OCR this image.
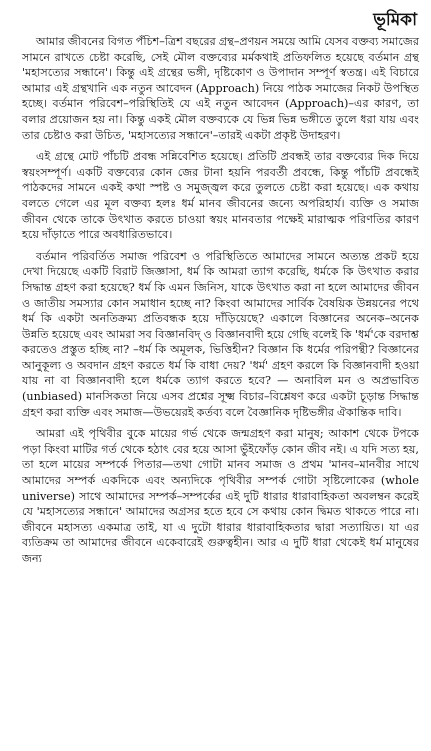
ভূমিকা

আমার জীবনের বিগত পঁচিশ–ত্রিশ বছরের গ্রন্থ–প্রণয়ন সময়ে আমি যেসব বক্তব্য সমাজের সামনে রাখতে চেষ্টা করেছি, সেই মৌল বক্তব্যের মর্মকথাই প্রতিফলিত হয়েছে বর্তমান গ্রন্থ 'মহাসত্যের সন্ধানে'। কিন্তু এই গ্রন্থের ভঙ্গী, দৃষ্টিকোণ ও উপাদান সম্পূর্ণ স্বতন্ত্র। এই বিচারে আমার এই গ্রন্থখানি এক নতুন আবেদন (Approach) নিয়ে পাঠক সমাজের নিকট উপস্থিত হচ্ছে। বর্তমান পরিবেশ–পরিস্থিতিই যে এই নতুন আবেদন (Approach)–এর কারণ, তা বলার প্রয়োজন হয় না। কিন্তু একই মৌল বক্তব্যকে যে ভিন্ন ভিন্ন ভঙ্গীতে তুলে ধরা যায় এবং তার চেষ্টাও করা উচিত, 'মহাসত্যের সন্ধানে'–তারই একটা প্রকৃষ্ট উদাহরণ।

এই গ্রন্থে মোট পাঁচটি প্রবন্ধ সন্নিবেশিত হয়েছে। প্রতিটি প্রবন্ধই তার বক্তব্যের দিক দিয়ে স্বয়ংসম্পূর্ণ। একটি বক্তব্যের কোন জের টানা হয়নি পরবর্তী প্রবন্ধে, কিন্তু পাঁচটি প্রবন্ধেই পাঠকদের সামনে একই কথা স্পষ্ট ও সমুজ্জ্বল করে তুলতে চেষ্টা করা হয়েছে। এক কথায় বলতে গেলে এর মূল বক্তব্য হলঃ ধর্ম মানব জীবনের জন্যে অপরিহার্য। ব্যক্তি ও সমাজ জীবন থেকে তাকে উৎখাত করতে চাওয়া স্বয়ং মানবতার পক্ষেই মারাত্মক পরিণতির কারণ হয়ে দাঁড়াতে পারে অবধারিতভাবে।

বর্তমান পরিবর্তিত সমাজ পরিবেশ ও পরিস্থিতিতে আমাদের সামনে অত্যন্ত প্রকট হয়ে দেখা দিয়েছে একটি বিরাট জিজ্ঞাসা, ধর্ম কি আমরা ত্যাগ করেছি, ধর্মকে কি উৎখাত করার সিদ্ধান্ত গ্রহণ করা হয়েছে? ধর্ম কি এমন জিনিস, যাকে উৎখাত করা না হলে আমাদের জীবন ও জাতীয় সমস্যার কোন সমাধান হচ্ছে না? কিংবা আমাদের সার্বিক বৈষয়িক উন্নয়নের পথে ধর্ম কি একটা অনতিক্রম্য প্রতিবন্ধক হয়ে দাঁড়িয়েছে? একালে বিজ্ঞানের অনেক–অনেক উন্নতি হয়েছে এবং আমরা সব বিজ্ঞানবিদ্ ও বিজ্ঞানবাদী হয়ে গেছি বলেই কি 'ধর্ম'কে বরদাশ্ত করতেও প্রস্তুত হচ্ছি না? –ধর্ম কি অমূলক, ভিত্তিহীন? বিজ্ঞান কি ধর্মের পরিপন্থী? বিজ্ঞানের আনুকূল্য ও অবদান গ্রহণ করতে ধর্ম কি বাধা দেয়? 'ধর্ম' গ্রহণ করলে কি বিজ্ঞানবাদী হওয়া যায় না বা বিজ্ঞানবাদী হলে ধর্মকে ত্যাগ করতে হবে? — অনাবিল মন ও অপ্রভাবিত (unbiased) মানসিকতা নিয়ে এসব প্রশ্নের সূক্ষ্ম বিচার–বিশ্লেষণ করে একটা চূড়ান্ত সিদ্ধান্ত গ্রহণ করা ব্যক্তি এবং সমাজ—উভয়েরই কর্তব্য বলে বৈজ্ঞানিক দৃষ্টিভঙ্গীর ঐকান্তিক দাবি।

আমরা এই পৃথিবীর বুকে মায়ের গর্ভ থেকে জন্মগ্রহণ করা মানুষ; আকাশ থেকে টপকে পড়া কিংবা মাটির গর্ত থেকে হঠাৎ বের হয়ে আসা ভুঁইফোঁড় কোন জীব নই। এ যদি সত্য হয়, তা হলে মায়ের সম্পর্কে পিতার—তথা গোটা মানব সমাজ ও প্রথম 'মানব–মানবীর সাথে আমাদের সম্পর্ক একদিকে এবং অন্যদিকে পৃথিবীর সম্পর্ক গোটা সৃষ্টিলোকের (whole universe) সাথে আমাদের সম্পর্ক–সম্পর্কের এই দুটি ধারার ধারাবাহিকতা অবলম্বন করেই যে 'মহাসত্যের সন্ধানে' আমাদের অগ্রসর হতে হবে সে কথায় কোন দ্বিমত থাকতে পারে না। জীবনে মহাসত্য একমাত্র তাই, যা এ দুটো ধারার ধারাবাহিকতার দ্বারা সত্যায়িত। যা এর ব্যতিক্রম তা আমাদের জীবনে একেবারেই গুরুত্বহীন। আর এ দুটি ধারা থেকেই ধর্ম মানুষের জন্য
